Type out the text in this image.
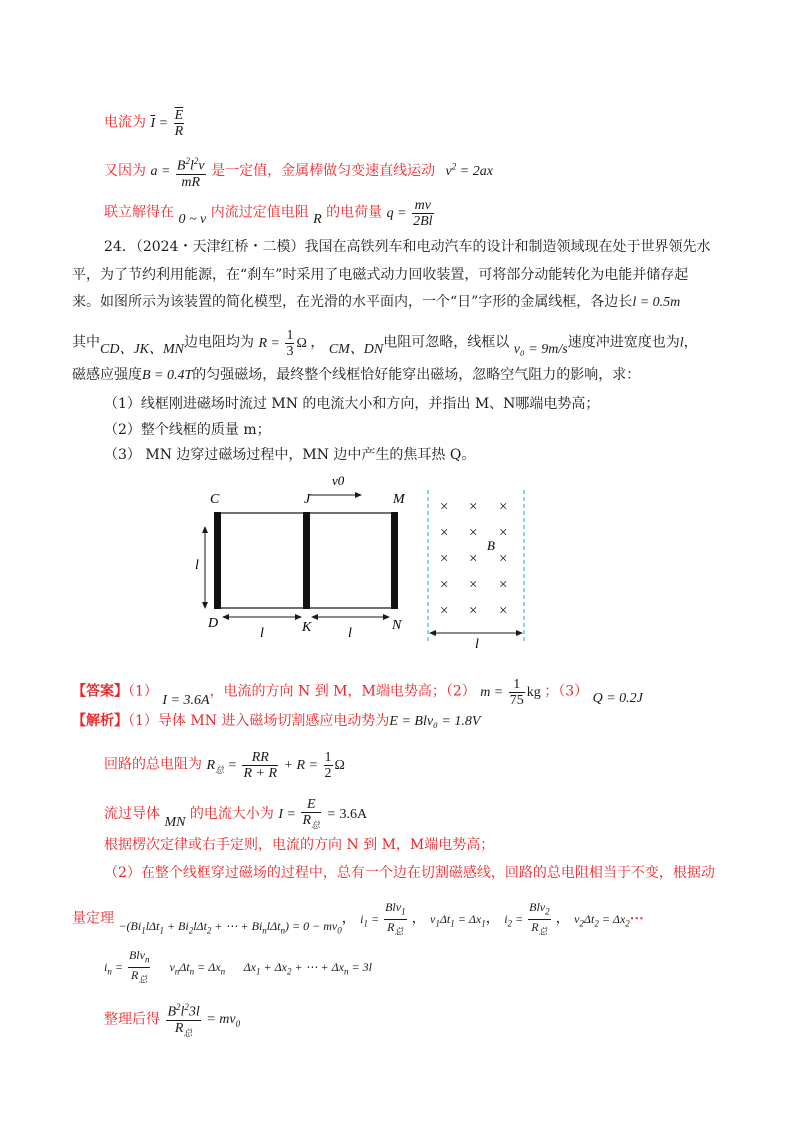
电流为 $\overline{I} = \frac{\overline{E}}{R}$
又因为 $a = \frac{B^2l^2v}{mR}$ 是一定值，金属棒做匀变速直线运动 $v^2 = 2ax$
联立解得在 0 ~ v 内流过定值电阻 R 的电荷量 $q = \frac{mv}{2Bl}$
24．（2024・天津红桥・二模）我国在高铁列车和电动汽车的设计和制造领域现在处于世界领先水
平，为了节约利用能源，在“刹车”时采用了电磁式动力回收装置，可将部分动能转化为电能并储存起
来。如图所示为该装置的简化模型，在光滑的水平面内，一个“日”字形的金属线框，各边长l = 0.5m
其中CD、JK、MN边电阻均为 $R = \frac{1}{3}$ Ω ， CM、DN电阻可忽略，线框以 v₀ = 9m/s速度冲进宽度也为l，
磁感应强度B = 0.4T的匀强磁场，最终整个线框恰好能穿出磁场，忽略空气阻力的影响，求：
（1）线框刚进磁场时流过 MN 的电流大小和方向，并指出 M、N哪端电势高；
（2）整个线框的质量 m；
（3） MN 边穿过磁场过程中，MN 边中产生的焦耳热 Q。
v0
C	J	M
D	K	N
l
l	l
× × ×
× × ×
× × ×
× × ×
× × ×
B
l
【答案】（1） I = 3.6A，电流的方向 N 到 M，M端电势高；（2） $m = \frac{1}{75}$ kg ；（3） Q = 0.2J
【解析】（1）导体 MN 进入磁场切割感应电动势为E = Blv₀ = 1.8V
回路的总电阻为 $R_总 = \frac{RR}{R + R} + R = \frac{1}{2}$ Ω
流过导体 MN 的电流大小为 $I = \frac{E}{R_总} = 3.6A$
根据楞次定律或右手定则，电流的方向 N 到 M，M端电势高；
（2）在整个线框穿过磁场的过程中，总有一个边在切割磁感线，回路的总电阻相当于不变，根据动
量定理 $-(Bi_1l\Delta t_1 + Bi_2l\Delta t_2$ + ⋯ + $Bi_nl\Delta t_n) = 0 - mv_0$， $i_1 = \frac{Blv_1}{R_总}$ ， $v_1\Delta t_1 = \Delta x_1$， $i_2 = \frac{Blv_2}{R_总}$ ， $v_2\Delta t_2$ = $\Delta x_2\cdots$
$i_n = \frac{Blv_n}{R_总} v_n\Delta t_n = \Delta x_n$ $\Delta x_1 + \Delta x_2$ + ⋯ + $\Delta x_n = 3l$
整理后得 $\frac{B^2l^23l}{R_总} = mv_0$
